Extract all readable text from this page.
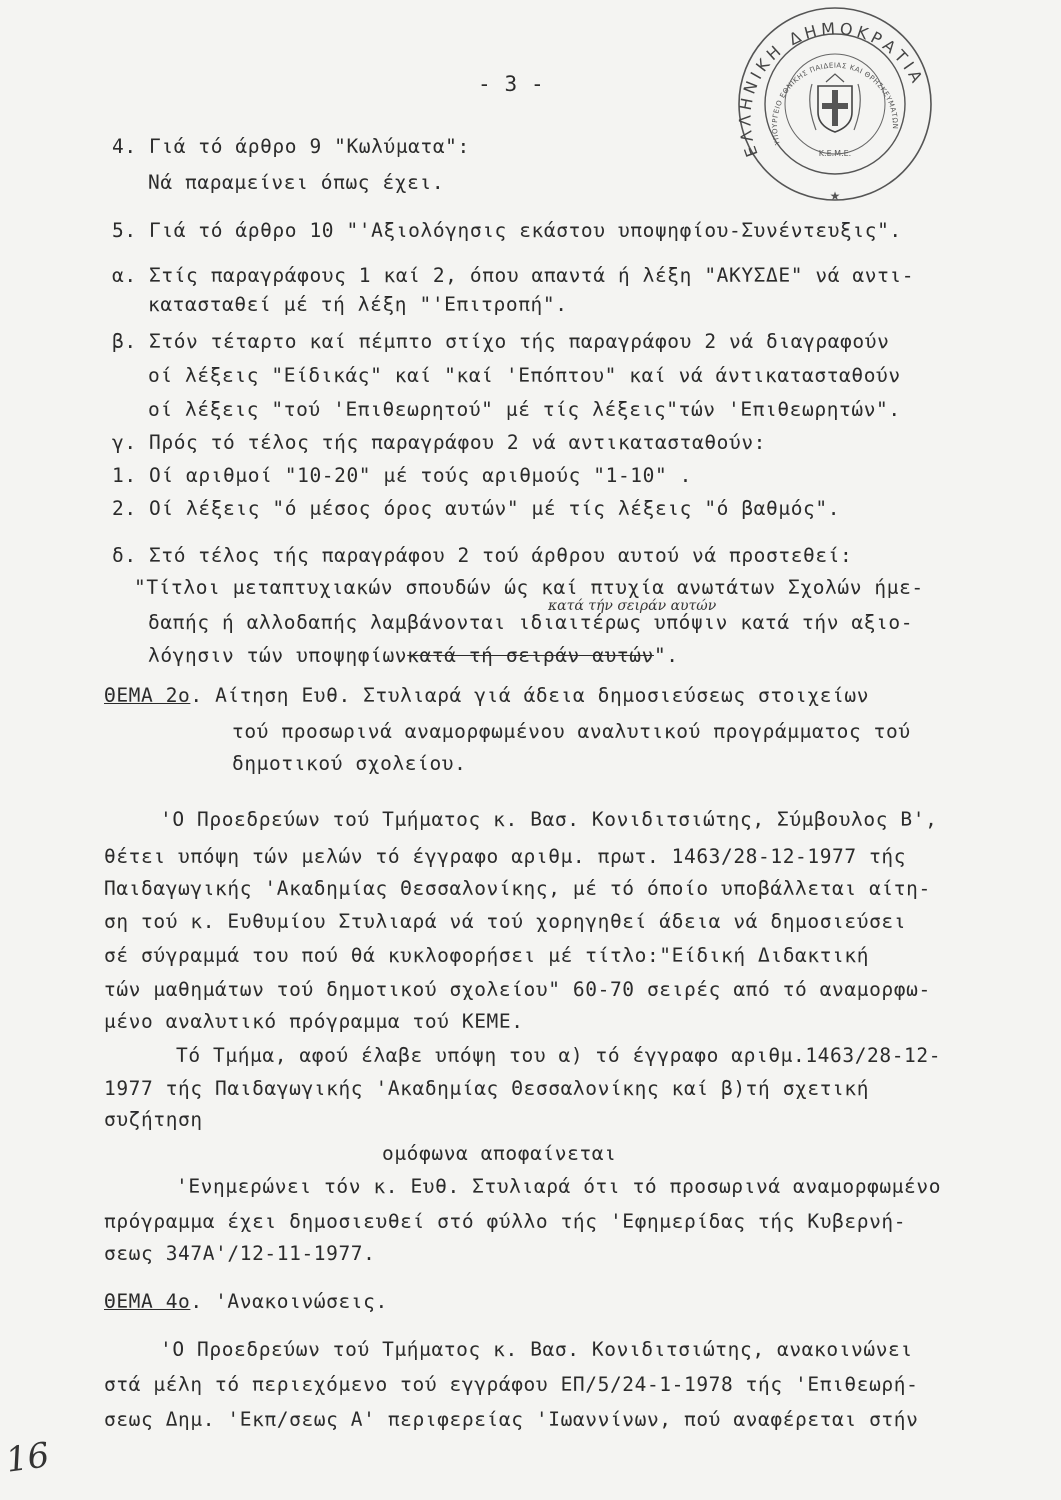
- 3 -
ΕΛΛΗΝΙΚΗ ΔΗΜΟΚΡΑΤΙΑ
ΥΠΟΥΡΓΕΙΟ ΕΘΝΙΚΗΣ ΠΑΙΔΕΙΑΣ ΚΑΙ ΘΡΗΣΚΕΥΜΑΤΩΝ
Κ.Ε.Μ.Ε.
★
4. Γιά τό άρθρο 9 "Κωλύματα":
Νά παραμείνει όπως έχει.
5. Γιά τό άρθρο 10 "'Αξιολόγησις εκάστου υποψηφίου-Συνέντευξις".
α. Στίς παραγράφους 1 καί 2, όπου απαντά ή λέξη "ΑΚΥΣΔΕ" νά αντι-
κατασταθεί μέ τή λέξη "'Επιτροπή".
β. Στόν τέταρτο καί πέμπτο στίχο τής παραγράφου 2 νά διαγραφούν
οί λέξεις "Είδικάς" καί "καί 'Επόπτου" καί νά άντικατασταθούν
οί λέξεις "τού 'Επιθεωρητού" μέ τίς λέξεις"τών 'Επιθεωρητών".
γ. Πρός τό τέλος τής παραγράφου 2 νά αντικατασταθούν:
1. Οί αριθμοί "10-20" μέ τούς αριθμούς "1-10" .
2. Οί λέξεις "ό μέσος όρος αυτών" μέ τίς λέξεις "ό βαθμός".
δ. Στό τέλος τής παραγράφου 2 τού άρθρου αυτού νά προστεθεί:
"Τίτλοι μεταπτυχιακών σπουδών ώς καί πτυχία ανωτάτων Σχολών ήμε-
κατά τήν σειράν αυτών
δαπής ή αλλοδαπής λαμβάνονται ιδιαιτέρως υπόψιν κατά τήν αξιο-
λόγησιν τών υποψηφίωνκατά τή σειράν αυτών".
ΘΕΜΑ 2ο. Αίτηση Ευθ. Στυλιαρά γιά άδεια δημοσιεύσεως στοιχείων
τού προσωρινά αναμορφωμένου αναλυτικού προγράμματος τού
δημοτικού σχολείου.
'Ο Προεδρεύων τού Τμήματος κ. Βασ. Κονιδιτσιώτης, Σύμβουλος Β',
θέτει υπόψη τών μελών τό έγγραφο αριθμ. πρωτ. 1463/28-12-1977 τής
Παιδαγωγικής 'Ακαδημίας Θεσσαλονίκης, μέ τό όποίο υποβάλλεται αίτη-
ση τού κ. Ευθυμίου Στυλιαρά νά τού χορηγηθεί άδεια νά δημοσιεύσει
σέ σύγραμμά του πού θά κυκλοφορήσει μέ τίτλο:"Είδική Διδακτική
τών μαθημάτων τού δημοτικού σχολείου" 60-70 σειρές από τό αναμορφω-
μένο αναλυτικό πρόγραμμα τού ΚΕΜΕ.
Τό Τμήμα, αφού έλαβε υπόψη του α) τό έγγραφο αριθμ.1463/28-12-
1977 τής Παιδαγωγικής 'Ακαδημίας Θεσσαλονίκης καί β)τή σχετική
συζήτηση
ομόφωνα αποφαίνεται
'Ενημερώνει τόν κ. Ευθ. Στυλιαρά ότι τό προσωρινά αναμορφωμένο
πρόγραμμα έχει δημοσιευθεί στό φύλλο τής 'Εφημερίδας τής Κυβερνή-
σεως 347Α'/12-11-1977.
ΘΕΜΑ 4ο. 'Ανακοινώσεις.
'Ο Προεδρεύων τού Τμήματος κ. Βασ. Κονιδιτσιώτης, ανακοινώνει
στά μέλη τό περιεχόμενο τού εγγράφου ΕΠ/5/24-1-1978 τής 'Επιθεωρή-
σεως Δημ. 'Εκπ/σεως Α' περιφερείας 'Ιωαννίνων, πού αναφέρεται στήν
16
